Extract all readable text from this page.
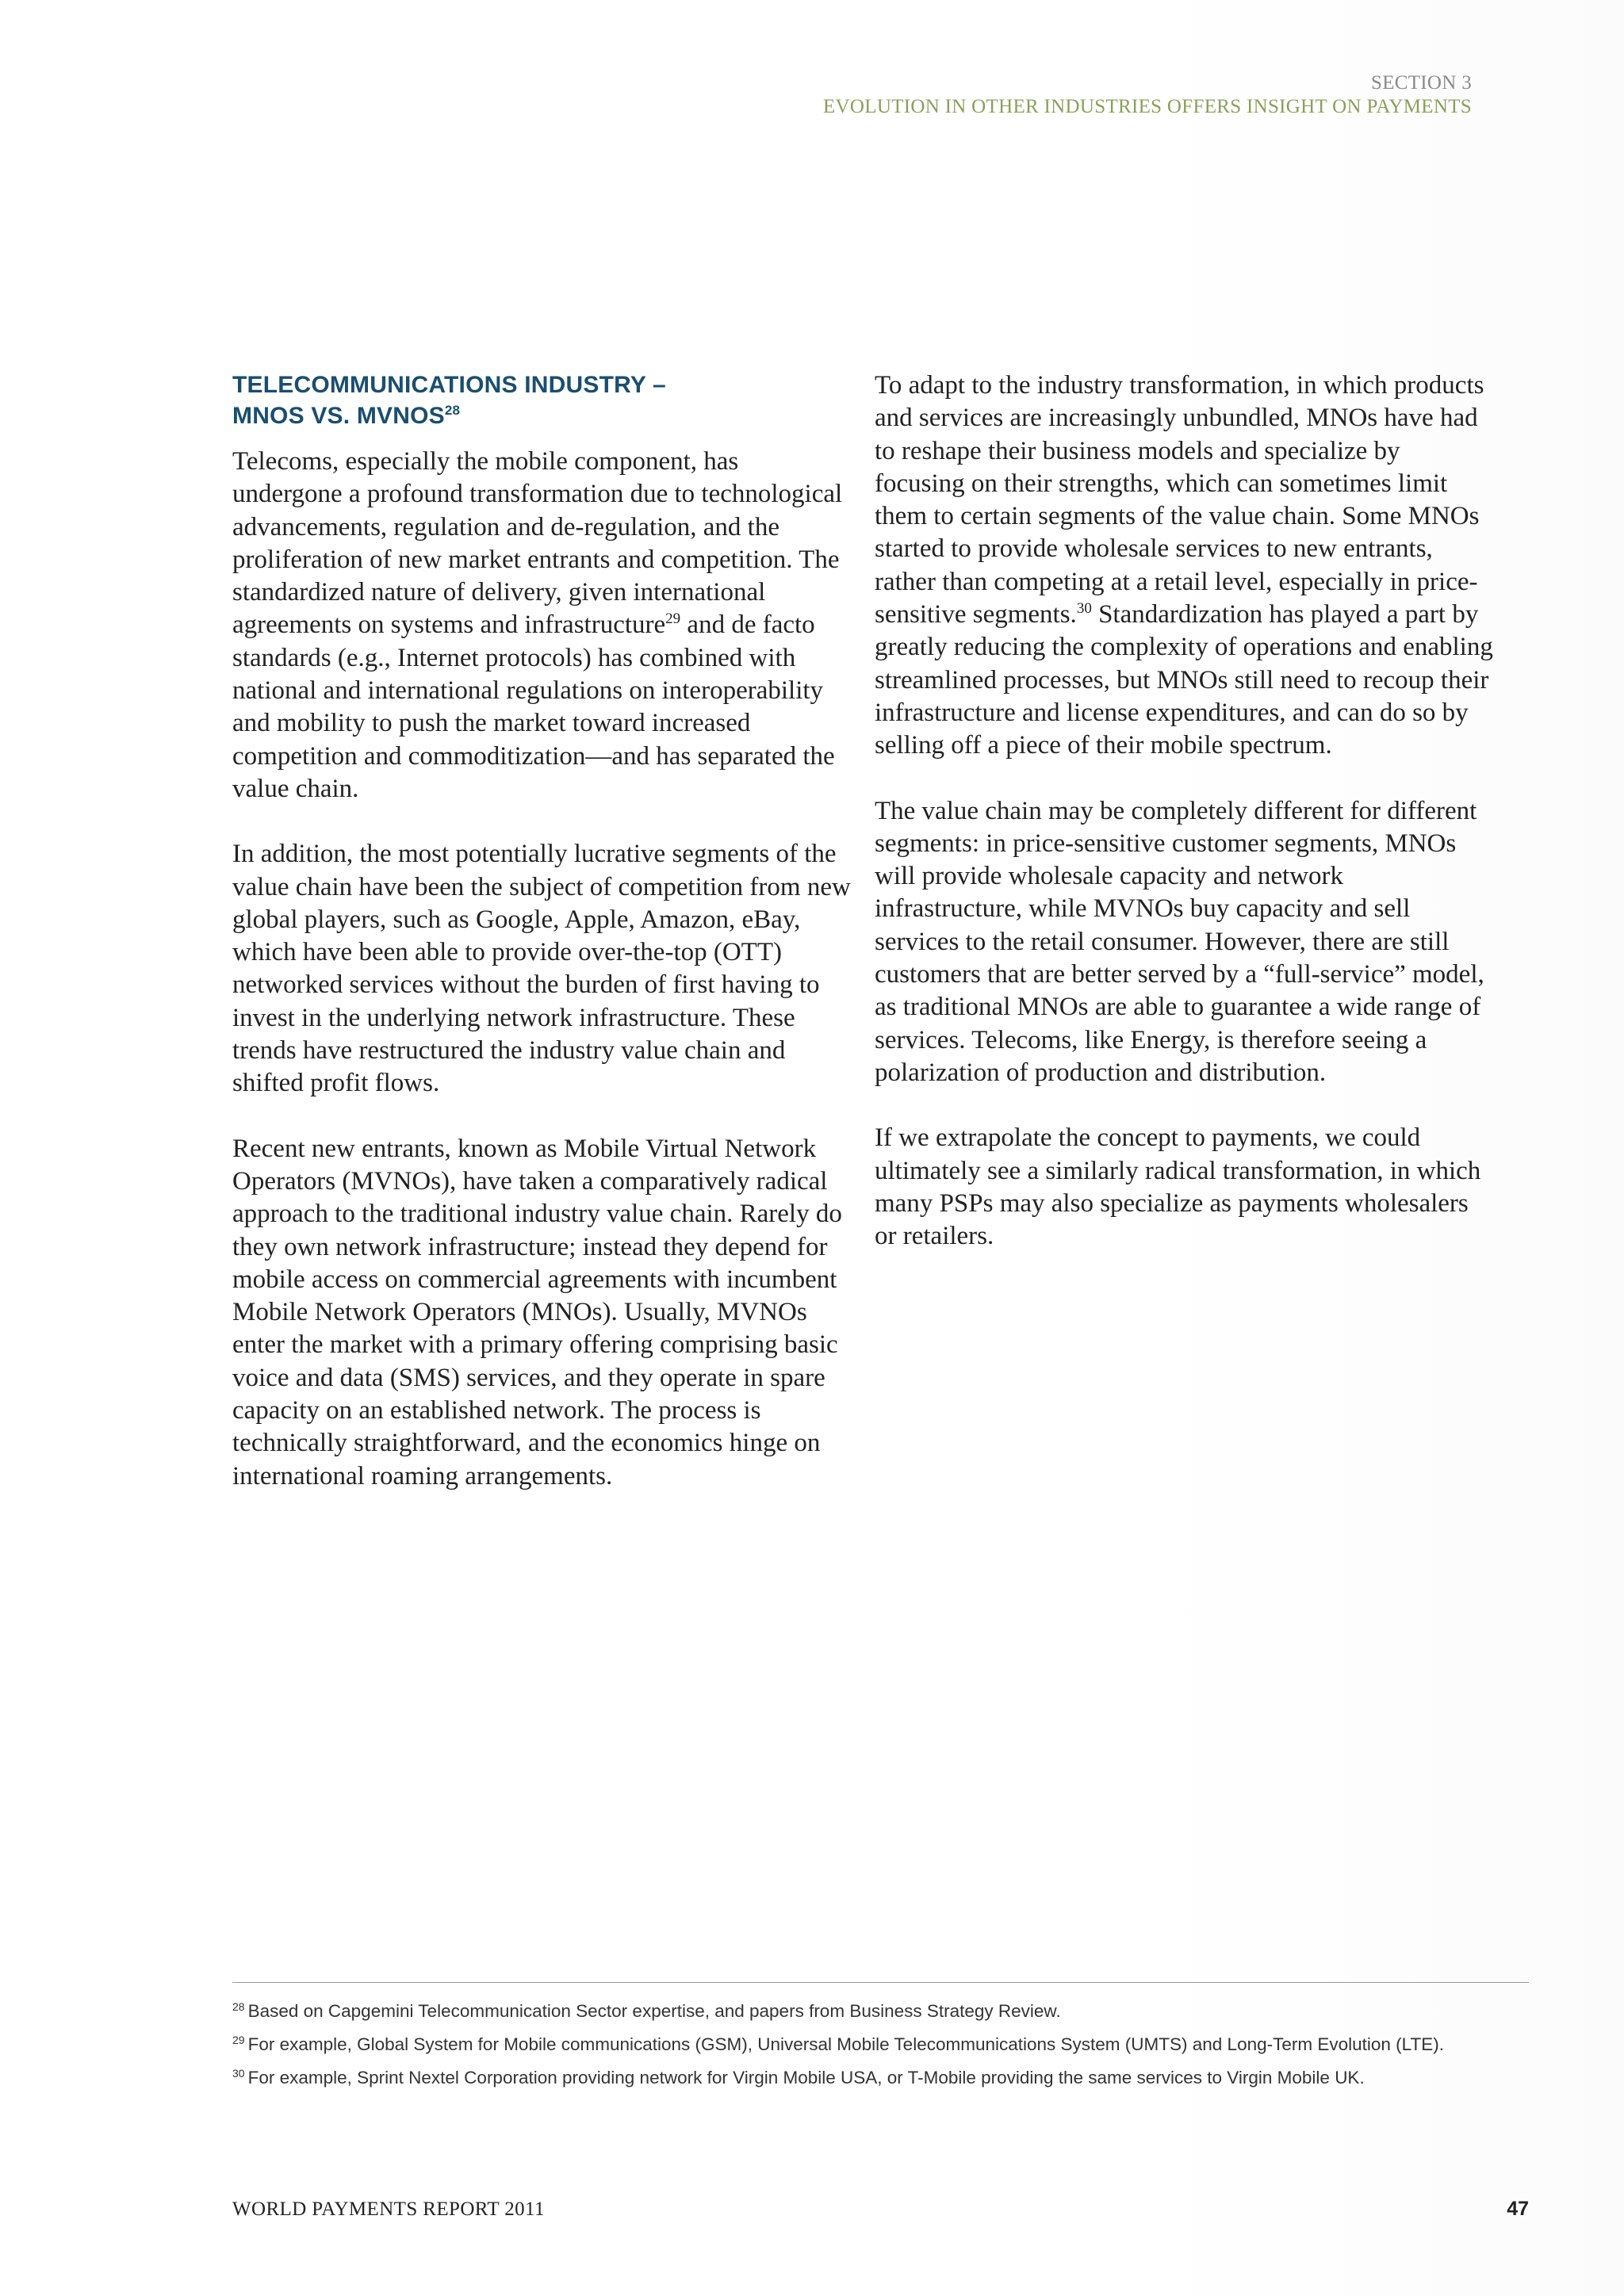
SECTION 3
EVOLUTION IN OTHER INDUSTRIES OFFERS INSIGHT ON PAYMENTS
TELECOMMUNICATIONS INDUSTRY –
MNOS VS. MVNOS$^{28}$

Telecoms, especially the mobile component, has undergone a profound transformation due to technological advancements, regulation and de-regulation, and the proliferation of new market entrants and competition. The standardized nature of delivery, given international agreements on systems and infrastructure$^{29}$ and de facto standards (e.g., Internet protocols) has combined with national and international regulations on interoperability and mobility to push the market toward increased competition and commoditization—and has separated the value chain.

In addition, the most potentially lucrative segments of the value chain have been the subject of competition from new global players, such as Google, Apple, Amazon, eBay, which have been able to provide over-the-top (OTT) networked services without the burden of first having to invest in the underlying network infrastructure. These trends have restructured the industry value chain and shifted profit flows.

Recent new entrants, known as Mobile Virtual Network Operators (MVNOs), have taken a comparatively radical approach to the traditional industry value chain. Rarely do they own network infrastructure; instead they depend for mobile access on commercial agreements with incumbent Mobile Network Operators (MNOs). Usually, MVNOs enter the market with a primary offering comprising basic voice and data (SMS) services, and they operate in spare capacity on an established network. The process is technically straightforward, and the economics hinge on international roaming arrangements.

To adapt to the industry transformation, in which products and services are increasingly unbundled, MNOs have had to reshape their business models and specialize by focusing on their strengths, which can sometimes limit them to certain segments of the value chain. Some MNOs started to provide wholesale services to new entrants, rather than competing at a retail level, especially in price-sensitive segments.$^{30}$ Standardization has played a part by greatly reducing the complexity of operations and enabling streamlined processes, but MNOs still need to recoup their infrastructure and license expenditures, and can do so by selling off a piece of their mobile spectrum.

The value chain may be completely different for different segments: in price-sensitive customer segments, MNOs will provide wholesale capacity and network infrastructure, while MVNOs buy capacity and sell services to the retail consumer. However, there are still customers that are better served by a “full-service” model, as traditional MNOs are able to guarantee a wide range of services. Telecoms, like Energy, is therefore seeing a polarization of production and distribution.

If we extrapolate the concept to payments, we could ultimately see a similarly radical transformation, in which many PSPs may also specialize as payments wholesalers or retailers.

$^{28}$ Based on Capgemini Telecommunication Sector expertise, and papers from Business Strategy Review.
$^{29}$ For example, Global System for Mobile communications (GSM), Universal Mobile Telecommunications System (UMTS) and Long-Term Evolution (LTE).
$^{30}$ For example, Sprint Nextel Corporation providing network for Virgin Mobile USA, or T-Mobile providing the same services to Virgin Mobile UK.
WORLD PAYMENTS REPORT 2011	47
